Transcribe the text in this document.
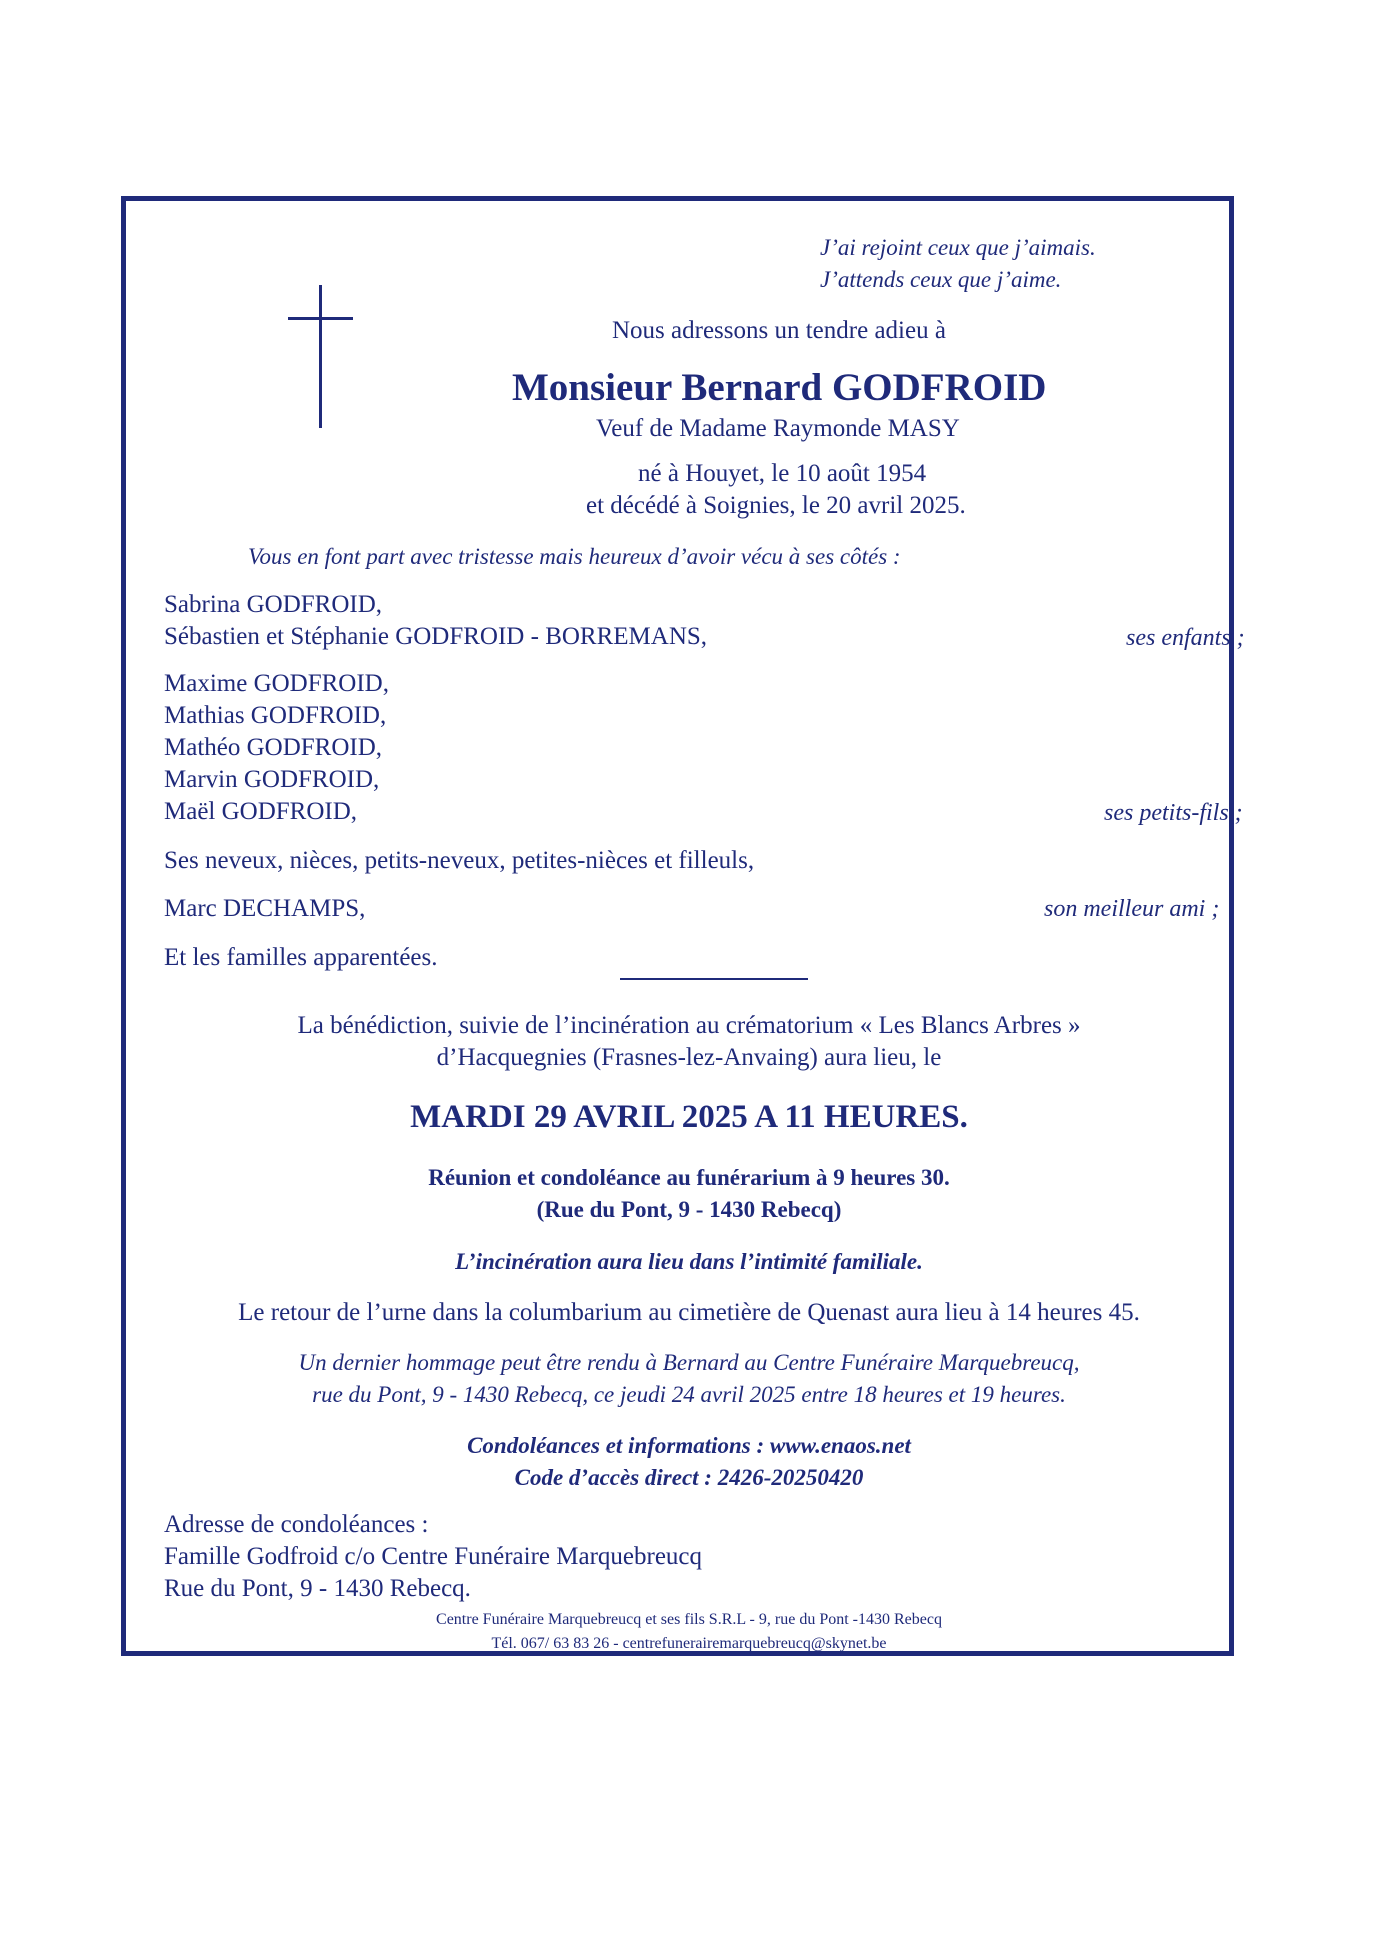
J’ai rejoint ceux que j’aimais.
J’attends ceux que j’aime.
Nous adressons un tendre adieu à
Monsieur Bernard GODFROID
Veuf de Madame Raymonde MASY
né à Houyet, le 10 août 1954
et décédé à Soignies, le 20 avril 2025.
Vous en font part avec tristesse mais heureux d’avoir vécu à ses côtés :
Sabrina GODFROID,
Sébastien et Stéphanie GODFROID - BORREMANS,	ses enfants ;
Maxime GODFROID,
Mathias GODFROID,
Mathéo GODFROID,
Marvin GODFROID,
Maël GODFROID,	ses petits-fils ;
Ses neveux, nièces, petits-neveux, petites-nièces et filleuls,
Marc DECHAMPS,	son meilleur ami ;
Et les familles apparentées.
La bénédiction, suivie de l’incinération au crématorium « Les Blancs Arbres »
d’Hacquegnies (Frasnes-lez-Anvaing) aura lieu, le
MARDI 29 AVRIL 2025 A 11 HEURES.
Réunion et condoléance au funérarium à 9 heures 30.
(Rue du Pont, 9 - 1430 Rebecq)
L’incinération aura lieu dans l’intimité familiale.
Le retour de l’urne dans la columbarium au cimetière de Quenast aura lieu à 14 heures 45.
Un dernier hommage peut être rendu à Bernard au Centre Funéraire Marquebreucq,
rue du Pont, 9 - 1430 Rebecq, ce jeudi 24 avril 2025 entre 18 heures et 19 heures.
Condoléances et informations : www.enaos.net
Code d’accès direct : 2426-20250420
Adresse de condoléances :
Famille Godfroid c/o Centre Funéraire Marquebreucq
Rue du Pont, 9 - 1430 Rebecq.
Centre Funéraire Marquebreucq et ses fils S.R.L - 9, rue du Pont -1430 Rebecq
Tél. 067/ 63 83 26 - centrefunerairemarquebreucq@skynet.be
